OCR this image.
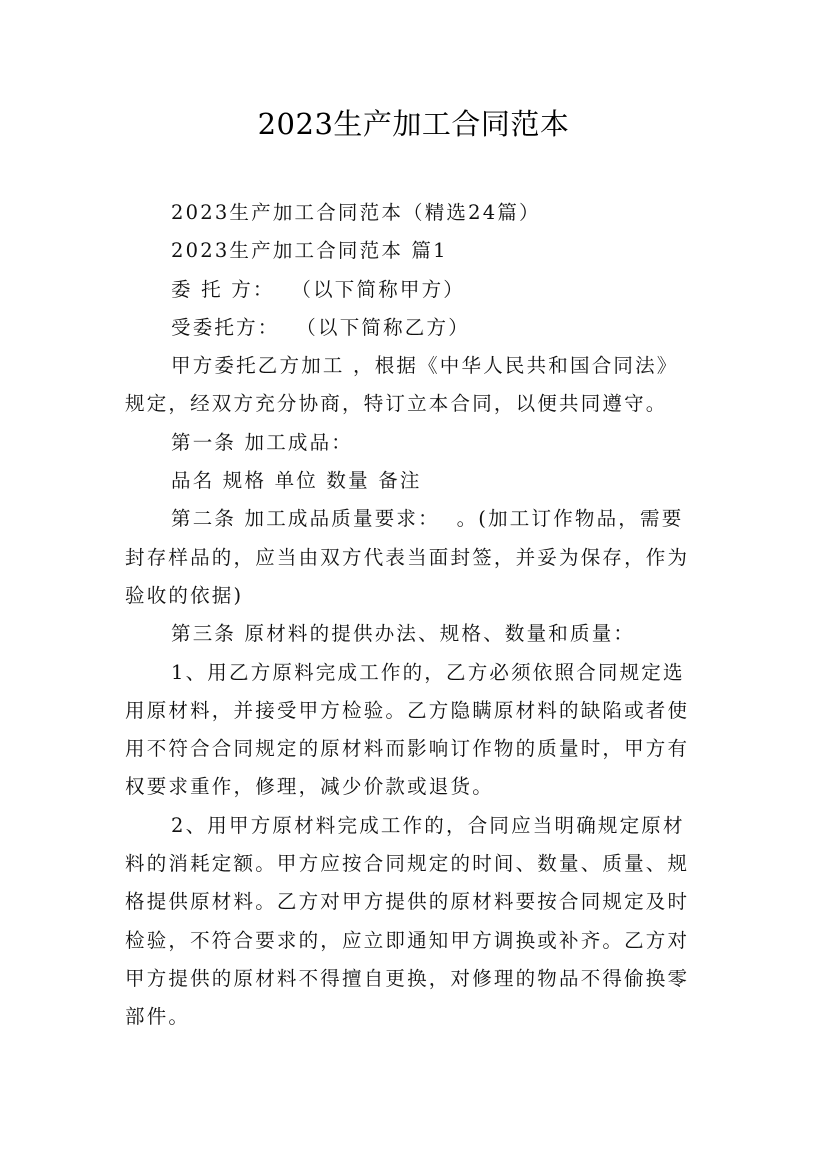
2023生产加工合同范本
2023生产加工合同范本（精选24篇）
2023生产加工合同范本 篇1
委 托 方：  （以下简称甲方）
受委托方：  （以下简称乙方）
甲方委托乙方加工 ，根据《中华人民共和国合同法》
规定，经双方充分协商，特订立本合同，以便共同遵守。
第一条 加工成品：
品名 规格 单位 数量 备注
第二条 加工成品质量要求：  。(加工订作物品，需要
封存样品的，应当由双方代表当面封签，并妥为保存，作为
验收的依据)
第三条 原材料的提供办法、规格、数量和质量：
1、用乙方原料完成工作的，乙方必须依照合同规定选
用原材料，并接受甲方检验。乙方隐瞒原材料的缺陷或者使
用不符合合同规定的原材料而影响订作物的质量时，甲方有
权要求重作，修理，减少价款或退货。
2、用甲方原材料完成工作的，合同应当明确规定原材
料的消耗定额。甲方应按合同规定的时间、数量、质量、规
格提供原材料。乙方对甲方提供的原材料要按合同规定及时
检验，不符合要求的，应立即通知甲方调换或补齐。乙方对
甲方提供的原材料不得擅自更换，对修理的物品不得偷换零
部件。
